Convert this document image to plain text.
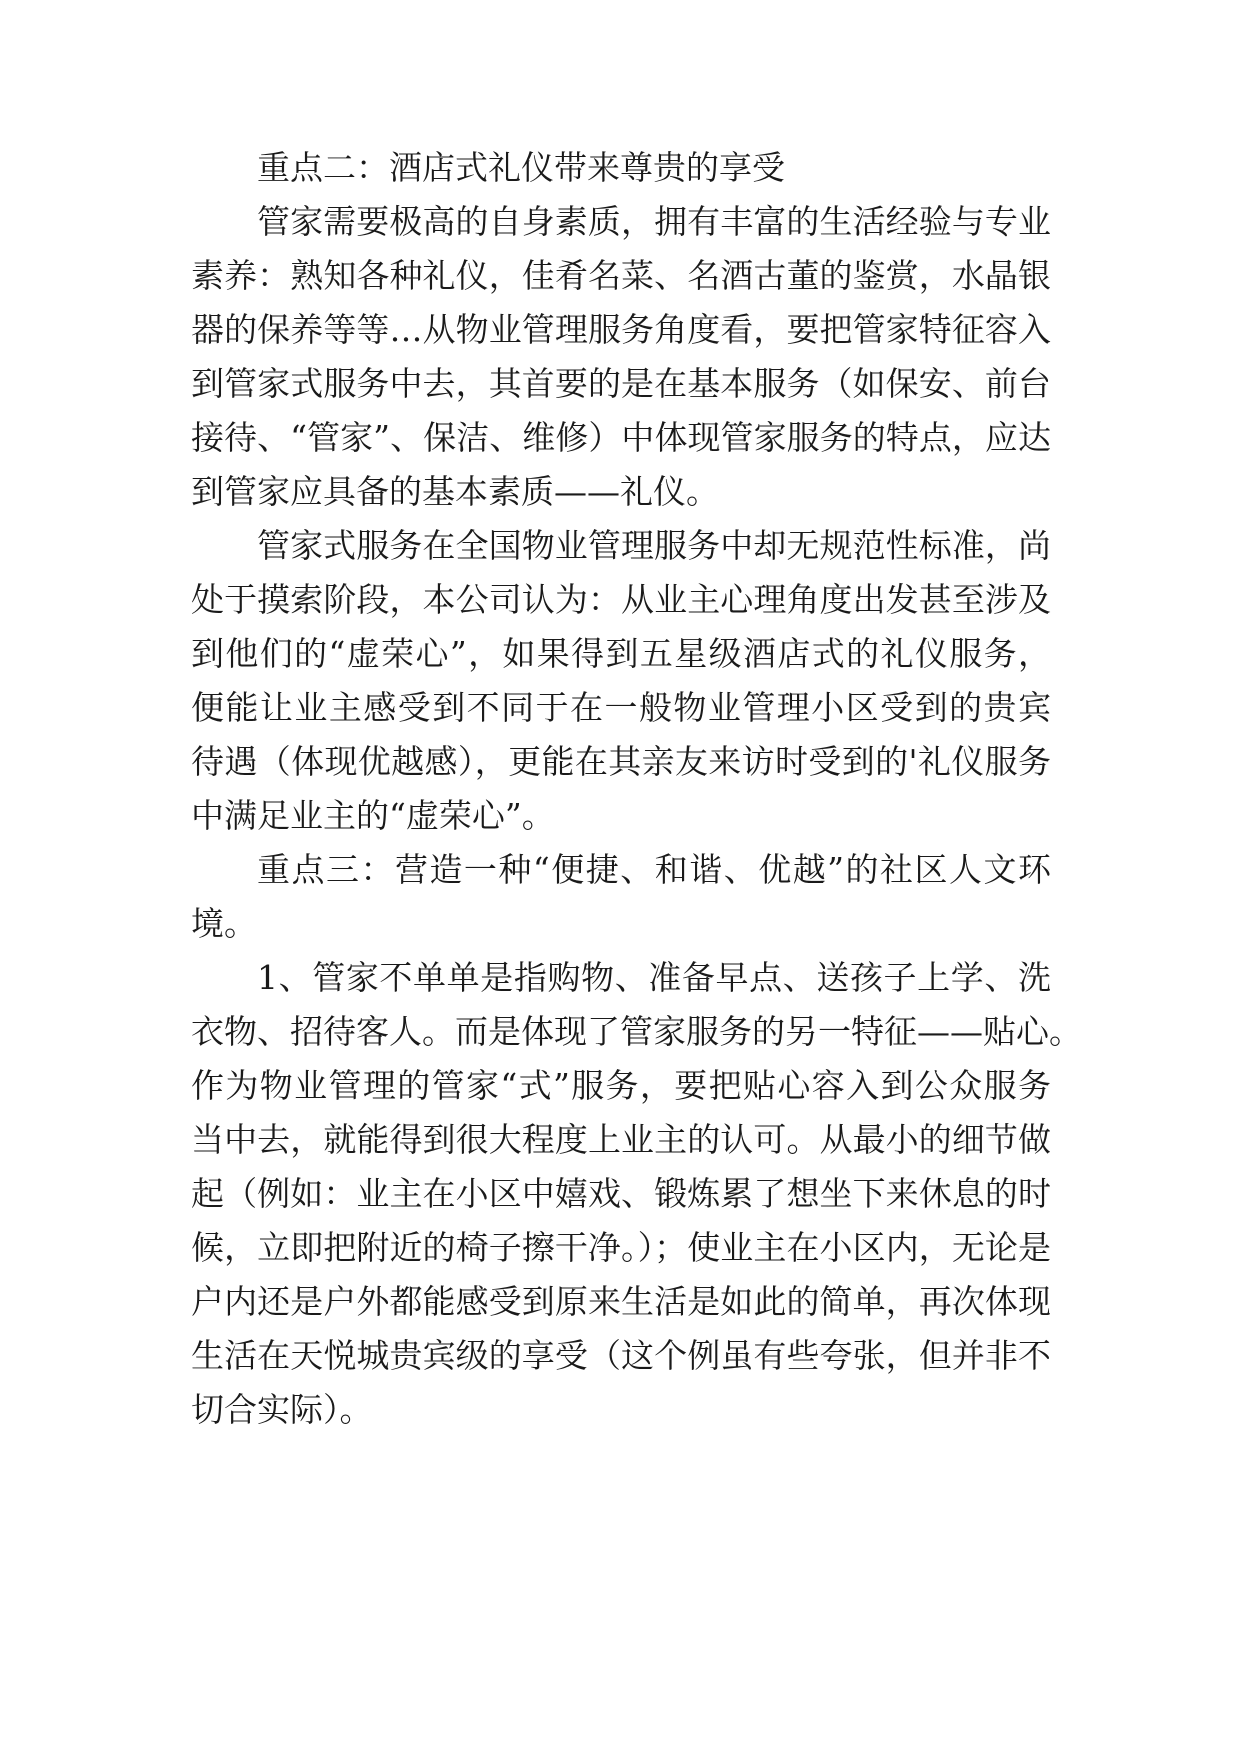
重点二：酒店式礼仪带来尊贵的享受
管家需要极高的自身素质，拥有丰富的生活经验与专业
素养：熟知各种礼仪，佳肴名菜、名酒古董的鉴赏，水晶银
器的保养等等…从物业管理服务角度看，要把管家特征容入
到管家式服务中去，其首要的是在基本服务（如保安、前台
接待、“管家”、保洁、维修）中体现管家服务的特点，应达
到管家应具备的基本素质——礼仪。
管家式服务在全国物业管理服务中却无规范性标准，尚
处于摸索阶段，本公司认为：从业主心理角度出发甚至涉及
到他们的“虚荣心”，如果得到五星级酒店式的礼仪服务，
便能让业主感受到不同于在一般物业管理小区受到的贵宾
待遇（体现优越感），更能在其亲友来访时受到的'礼仪服务
中满足业主的“虚荣心”。
重点三：营造一种“便捷、和谐、优越”的社区人文环
境。
1、管家不单单是指购物、准备早点、送孩子上学、洗
衣物、招待客人。而是体现了管家服务的另一特征——贴心。
作为物业管理的管家“式”服务，要把贴心容入到公众服务
当中去，就能得到很大程度上业主的认可。从最小的细节做
起（例如：业主在小区中嬉戏、锻炼累了想坐下来休息的时
候，立即把附近的椅子擦干净。）；使业主在小区内，无论是
户内还是户外都能感受到原来生活是如此的简单，再次体现
生活在天悦城贵宾级的享受（这个例虽有些夸张，但并非不
切合实际）。
